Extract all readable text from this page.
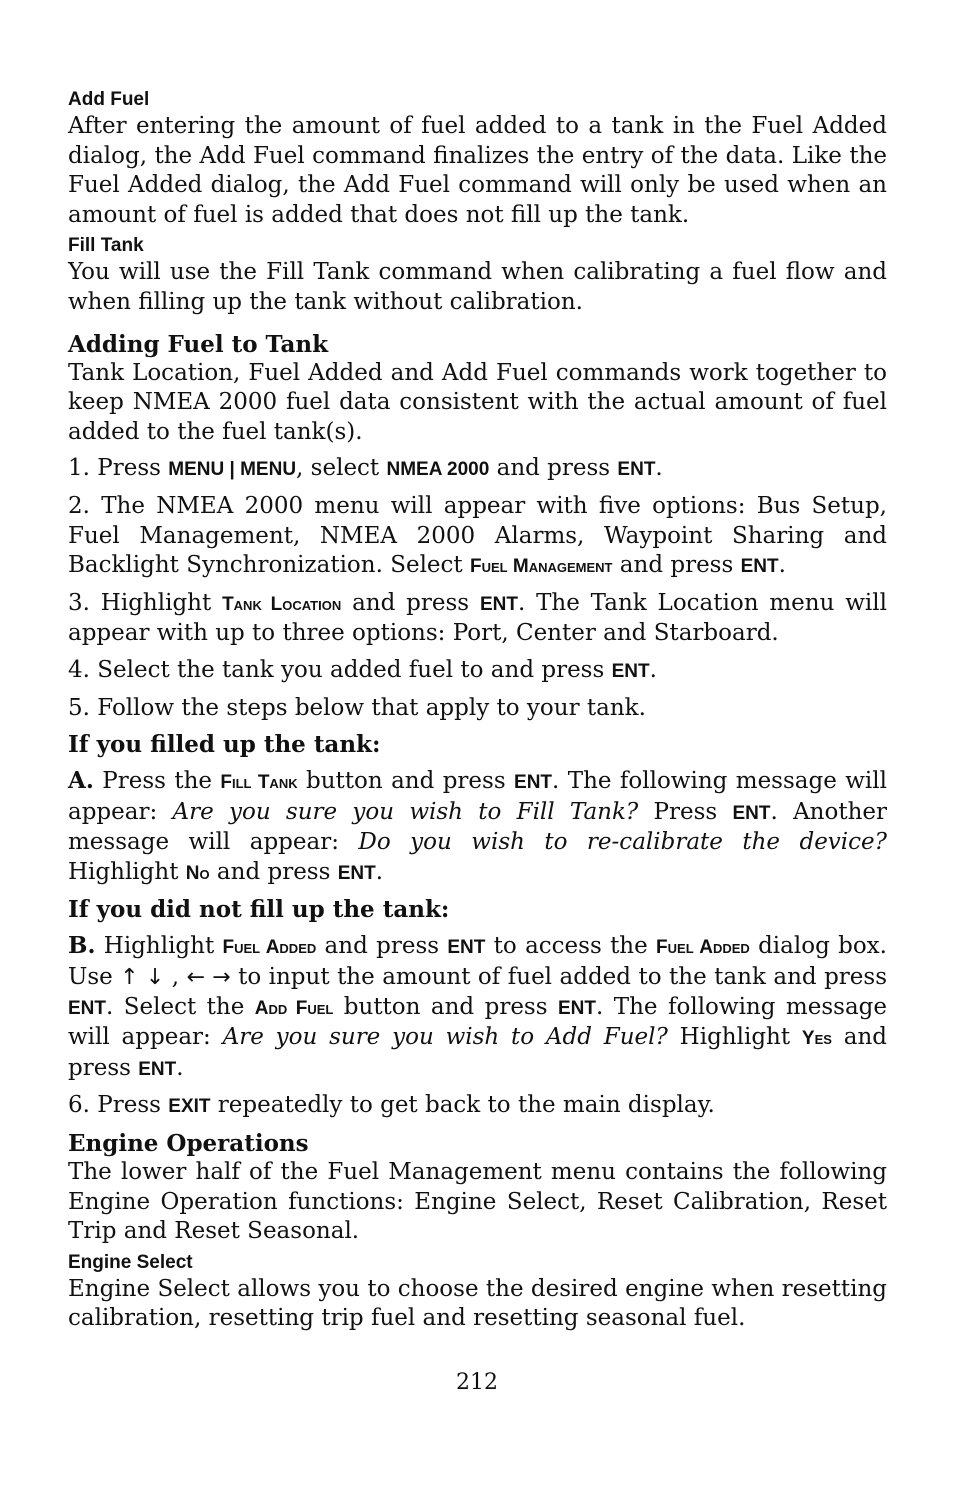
Add Fuel

After entering the amount of fuel added to a tank in the Fuel Added dialog, the Add Fuel command finalizes the entry of the data. Like the Fuel Added dialog, the Add Fuel command will only be used when an amount of fuel is added that does not fill up the tank.

Fill Tank

You will use the Fill Tank command when calibrating a fuel flow and when filling up the tank without calibration.

Adding Fuel to Tank

Tank Location, Fuel Added and Add Fuel commands work together to keep NMEA 2000 fuel data consistent with the actual amount of fuel added to the fuel tank(s).

1. Press MENU | MENU, select NMEA 2000 and press ENT.

2. The NMEA 2000 menu will appear with five options: Bus Setup, Fuel Management, NMEA 2000 Alarms, Waypoint Sharing and Backlight Synchronization. Select Fuel Management and press ENT.

3. Highlight Tank Location and press ENT. The Tank Location menu will appear with up to three options: Port, Center and Starboard.

4. Select the tank you added fuel to and press ENT.

5. Follow the steps below that apply to your tank.

If you filled up the tank:

A. Press the Fill Tank button and press ENT. The following message will appear: Are you sure you wish to Fill Tank? Press ENT. Another message will appear: Do you wish to re-calibrate the device? Highlight No and press ENT.

If you did not fill up the tank:

B. Highlight Fuel Added and press ENT to access the Fuel Added dialog box. Use ↑ ↓ , ← → to input the amount of fuel added to the tank and press ENT. Select the Add Fuel button and press ENT. The following message will appear: Are you sure you wish to Add Fuel? Highlight Yes and press ENT.

6. Press EXIT repeatedly to get back to the main display.

Engine Operations

The lower half of the Fuel Management menu contains the following Engine Operation functions: Engine Select, Reset Calibration, Reset Trip and Reset Seasonal.

Engine Select

Engine Select allows you to choose the desired engine when resetting calibration, resetting trip fuel and resetting seasonal fuel.

212
